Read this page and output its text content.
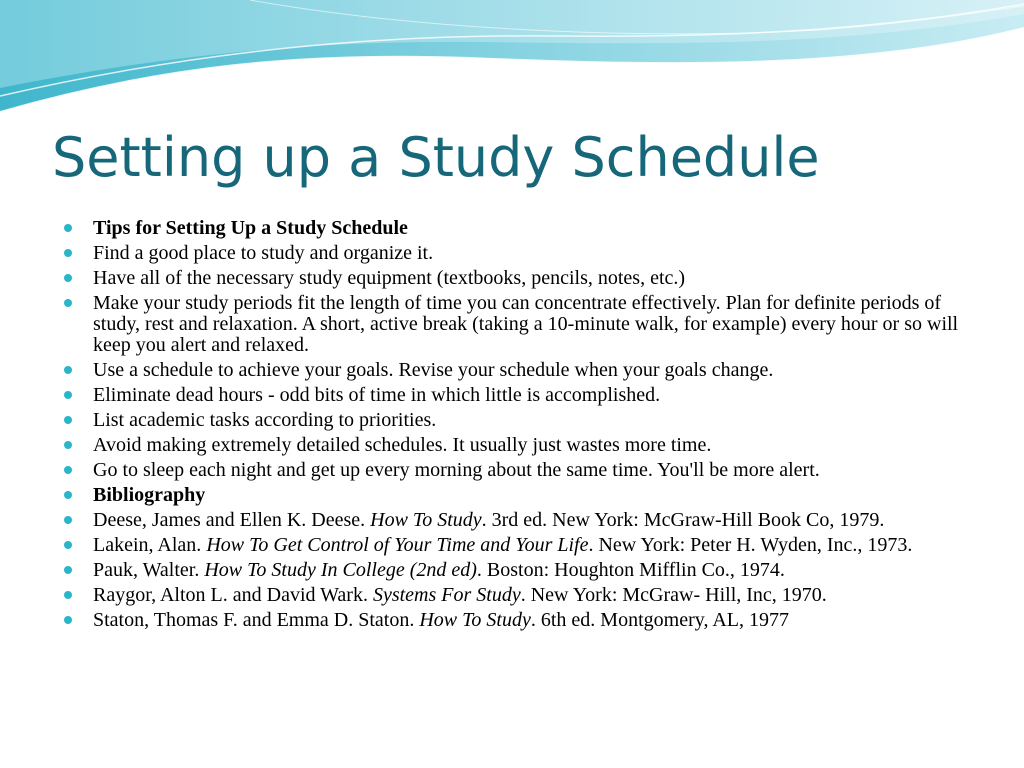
Setting up a Study Schedule
Tips for Setting Up a Study Schedule
Find a good place to study and organize it.
Have all of the necessary study equipment (textbooks, pencils, notes, etc.)
Make your study periods fit the length of time you can concentrate effectively. Plan for definite periods of study, rest and relaxation. A short, active break (taking a 10-minute walk, for example) every hour or so will keep you alert and relaxed.
Use a schedule to achieve your goals. Revise your schedule when your goals change.
Eliminate dead hours - odd bits of time in which little is accomplished.
List academic tasks according to priorities.
Avoid making extremely detailed schedules. It usually just wastes more time.
Go to sleep each night and get up every morning about the same time. You'll be more alert.
Bibliography
Deese, James and Ellen K. Deese. How To Study. 3rd ed. New York: McGraw-Hill Book Co, 1979.
Lakein, Alan. How To Get Control of Your Time and Your Life. New York: Peter H. Wyden, Inc., 1973.
Pauk, Walter. How To Study In College (2nd ed). Boston: Houghton Mifflin Co., 1974.
Raygor, Alton L. and David Wark. Systems For Study. New York: McGraw- Hill, Inc, 1970.
Staton, Thomas F. and Emma D. Staton. How To Study. 6th ed. Montgomery, AL, 1977
